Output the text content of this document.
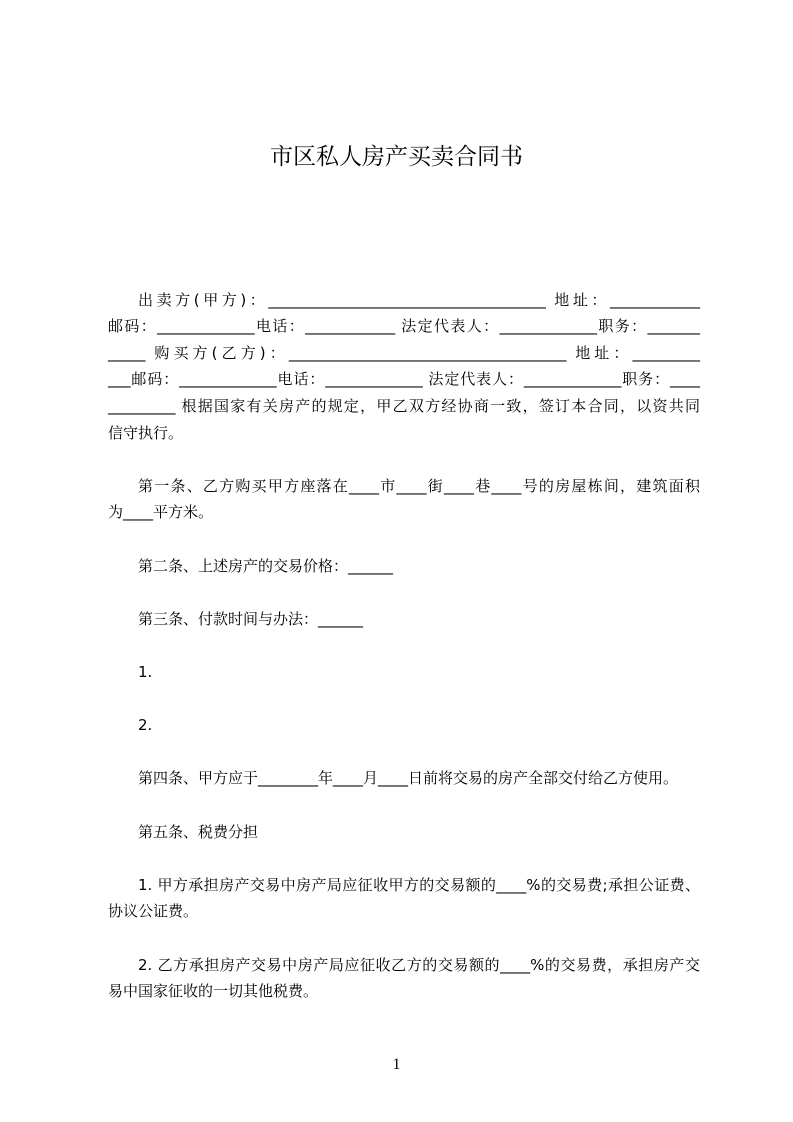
市区私人房产买卖合同书
出卖方(甲方)：_____________________________________ 地址：____________
邮码：_____________电话：____________ 法定代表人：_____________职务：_______
_____ 购买方(乙方)：_____________________________________ 地址：_________
___邮码：_____________电话：_____________ 法定代表人：_____________职务：____
_________ 根据国家有关房产的规定，甲乙双方经协商一致，签订本合同，以资共同
信守执行。
第一条、乙方购买甲方座落在____市____街____巷____号的房屋栋间，建筑面积
为____平方米。
第二条、上述房产的交易价格：______
第三条、付款时间与办法：______
1.
2.
第四条、甲方应于________年____月____日前将交易的房产全部交付给乙方使用。
第五条、税费分担
1. 甲方承担房产交易中房产局应征收甲方的交易额的____%的交易费;承担公证费、
协议公证费。
2. 乙方承担房产交易中房产局应征收乙方的交易额的____%的交易费，承担房产交
易中国家征收的一切其他税费。
1
